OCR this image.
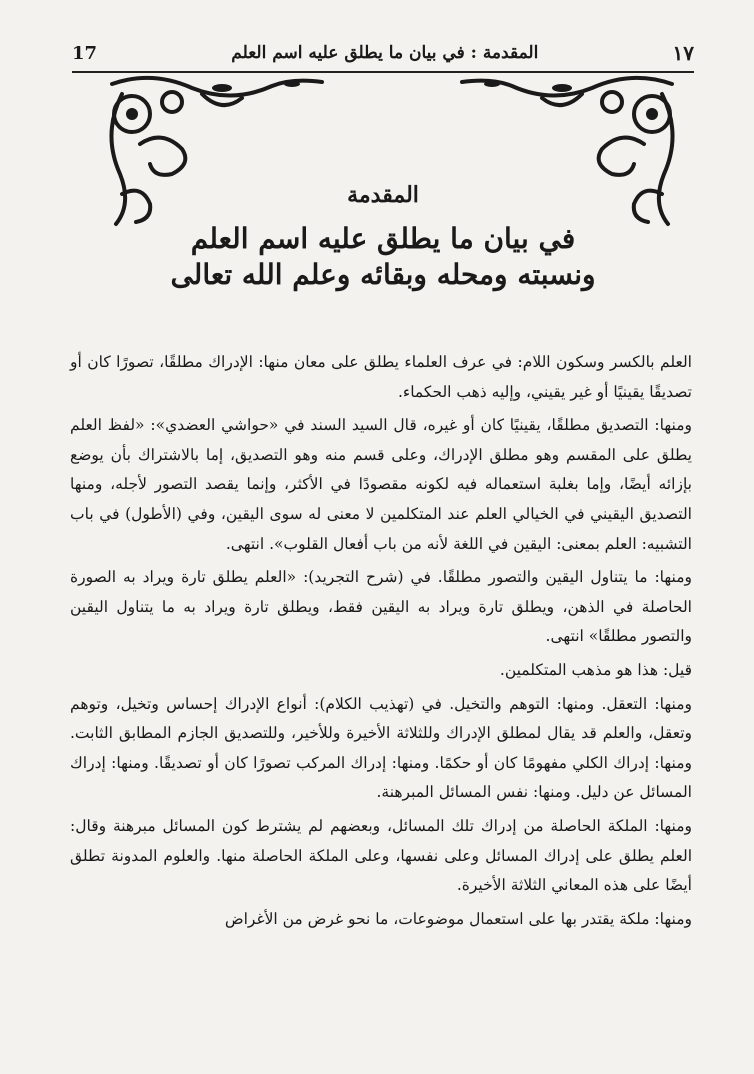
17	المقدمة : في بيان ما يطلق عليه اسم العلم	١٧
المقدمة
في بيان ما يطلق عليه اسم العلم
ونسبته ومحله وبقائه وعلم الله تعالى

العلم بالكسر وسكون اللام: في عرف العلماء يطلق على معان منها: الإدراك مطلقًا، تصورًا كان أو تصديقًا يقينيًا أو غير يقيني، وإليه ذهب الحكماء.

ومنها: التصديق مطلقًا، يقينيًا كان أو غيره، قال السيد السند في «حواشي العضدي»: «لفظ العلم يطلق على المقسم وهو مطلق الإدراك، وعلى قسم منه وهو التصديق، إما بالاشتراك بأن يوضع بإزائه أيضًا، وإما بغلبة استعماله فيه لكونه مقصودًا في الأكثر، وإنما يقصد التصور لأجله، ومنها التصديق اليقيني في الخيالي العلم عند المتكلمين لا معنى له سوى اليقين، وفي (الأطول) في باب التشبيه: العلم بمعنى: اليقين في اللغة لأنه من باب أفعال القلوب». انتهى.

ومنها: ما يتناول اليقين والتصور مطلقًا. في (شرح التجريد): «العلم يطلق تارة ويراد به الصورة الحاصلة في الذهن، ويطلق تارة ويراد به اليقين فقط، ويطلق تارة ويراد به ما يتناول اليقين والتصور مطلقًا» انتهى.

قيل: هذا هو مذهب المتكلمين.

ومنها: التعقل. ومنها: التوهم والتخيل. في (تهذيب الكلام): أنواع الإدراك إحساس وتخيل، وتوهم وتعقل، والعلم قد يقال لمطلق الإدراك وللثلاثة الأخيرة وللأخير، وللتصديق الجازم المطابق الثابت. ومنها: إدراك الكلي مفهومًا كان أو حكمًا. ومنها: إدراك المركب تصورًا كان أو تصديقًا. ومنها: إدراك المسائل عن دليل. ومنها: نفس المسائل المبرهنة.

ومنها: الملكة الحاصلة من إدراك تلك المسائل، وبعضهم لم يشترط كون المسائل مبرهنة وقال: العلم يطلق على إدراك المسائل وعلى نفسها، وعلى الملكة الحاصلة منها. والعلوم المدونة تطلق أيضًا على هذه المعاني الثلاثة الأخيرة.

ومنها: ملكة يقتدر بها على استعمال موضوعات، ما نحو غرض من الأغراض
